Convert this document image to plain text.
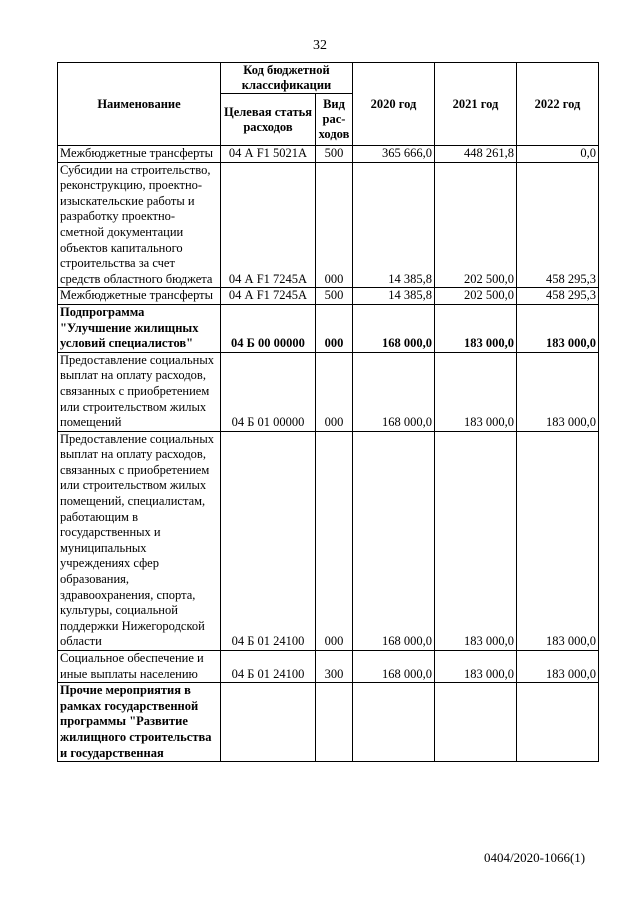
32
Наименование	Код бюджетной классификации		2020 год	2021 год	2022 год
	Целевая статья расходов	Вид рас- ходов			
Межбюджетные трансферты	04 А F1 5021А	500	365 666,0	448 261,8	0,0
Субсидии на строительство, реконструкцию, проектно-изыскательские работы и разработку проектно-сметной документации объектов капитального строительства за счет средств областного бюджета	04 А F1 7245А	000	14 385,8	202 500,0	458 295,3
Межбюджетные трансферты	04 А F1 7245А	500	14 385,8	202 500,0	458 295,3
Подпрограмма "Улучшение жилищных условий специалистов"	04 Б 00 00000	000	168 000,0	183 000,0	183 000,0
Предоставление социальных выплат на оплату расходов, связанных с приобретением или строительством жилых помещений	04 Б 01 00000	000	168 000,0	183 000,0	183 000,0
Предоставление социальных выплат на оплату расходов, связанных с приобретением или строительством жилых помещений, специалистам, работающим в государственных и муниципальных учреждениях сфер образования, здравоохранения, спорта, культуры, социальной поддержки Нижегородской области	04 Б 01 24100	000	168 000,0	183 000,0	183 000,0
Социальное обеспечение и иные выплаты населению	04 Б 01 24100	300	168 000,0	183 000,0	183 000,0
Прочие мероприятия в рамках государственной программы "Развитие жилищного строительства и государственная					
0404/2020-1066(1)
